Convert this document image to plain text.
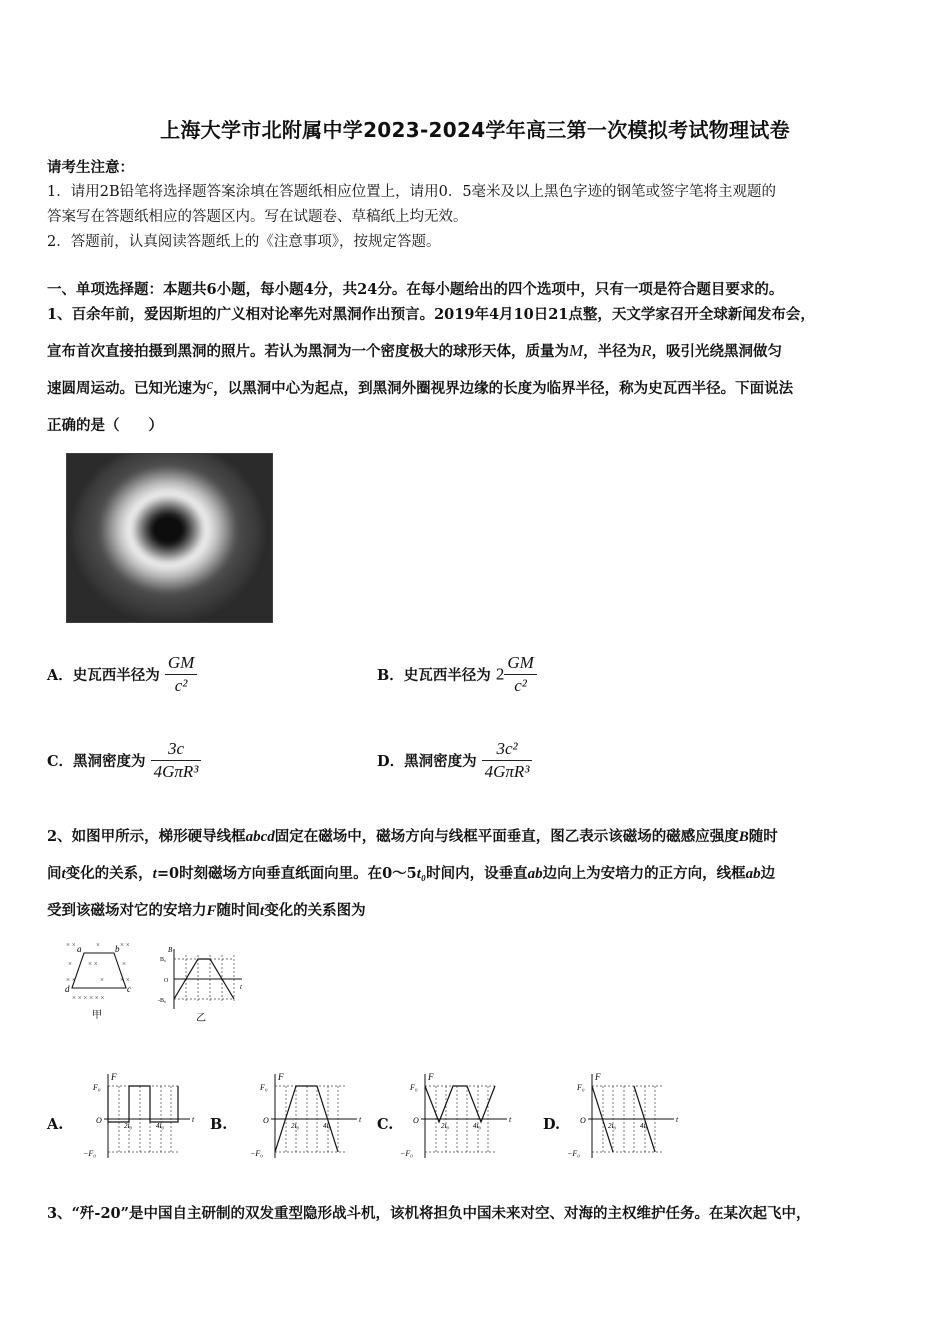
上海大学市北附属中学2023-2024学年高三第一次模拟考试物理试卷
请考生注意：
1．请用2B铅笔将选择题答案涂填在答题纸相应位置上，请用0．5毫米及以上黑色字迹的钢笔或签字笔将主观题的
答案写在答题纸相应的答题区内。写在试题卷、草稿纸上均无效。
2．答题前，认真阅读答题纸上的《注意事项》，按规定答题。
一、单项选择题：本题共6小题，每小题4分，共24分。在每小题给出的四个选项中，只有一项是符合题目要求的。
1、百余年前，爱因斯坦的广义相对论率先对黑洞作出预言。2019年4月10日21点整，天文学家召开全球新闻发布会，
宣布首次直接拍摄到黑洞的照片。若认为黑洞为一个密度极大的球形天体，质量为M，半径为R，吸引光绕黑洞做匀
速圆周运动。已知光速为c，以黑洞中心为起点，到黑洞外圈视界边缘的长度为临界半径，称为史瓦西半径。下面说法
正确的是（　　）
A．史瓦西半径为 $\frac{GM}{\text{c²}}$	B．史瓦西半径为 $2 \frac{GM}{\text{c²}}$
C．黑洞密度为 $\frac{3c}{\text{4GπR³}}$	D．黑洞密度为 $\frac{\text{3c²}}{\text{4GπR³}}$
2、如图甲所示，梯形硬导线框abcd固定在磁场中，磁场方向与线框平面垂直，图乙表示该磁场的磁感应强度B随时
间t变化的关系，t=0时刻磁场方向垂直纸面向里。在0～5t₀时间内，设垂直ab边向上为安培力的正方向，线框ab边
受到该磁场对它的安培力F随时间t变化的关系图为
× ×	×	× ×
× × ×	×
× ×	× × ×
× × × × × ×
a	b
c
d
甲
B
B₀
O
-B₀
t
乙
A.	B.	C.	D.
F
F₀
O
−F₀
t
2t₀	4t₀
F
F₀
O
−F₀
t
2t₀	4t₀
F
F₀
O
−F₀
t
2t₀	4t₀
F
F₀
O
−F₀
t
2t₀	4t₀
3、“歼-20”是中国自主研制的双发重型隐形战斗机，该机将担负中国未来对空、对海的主权维护任务。在某次起飞中，
